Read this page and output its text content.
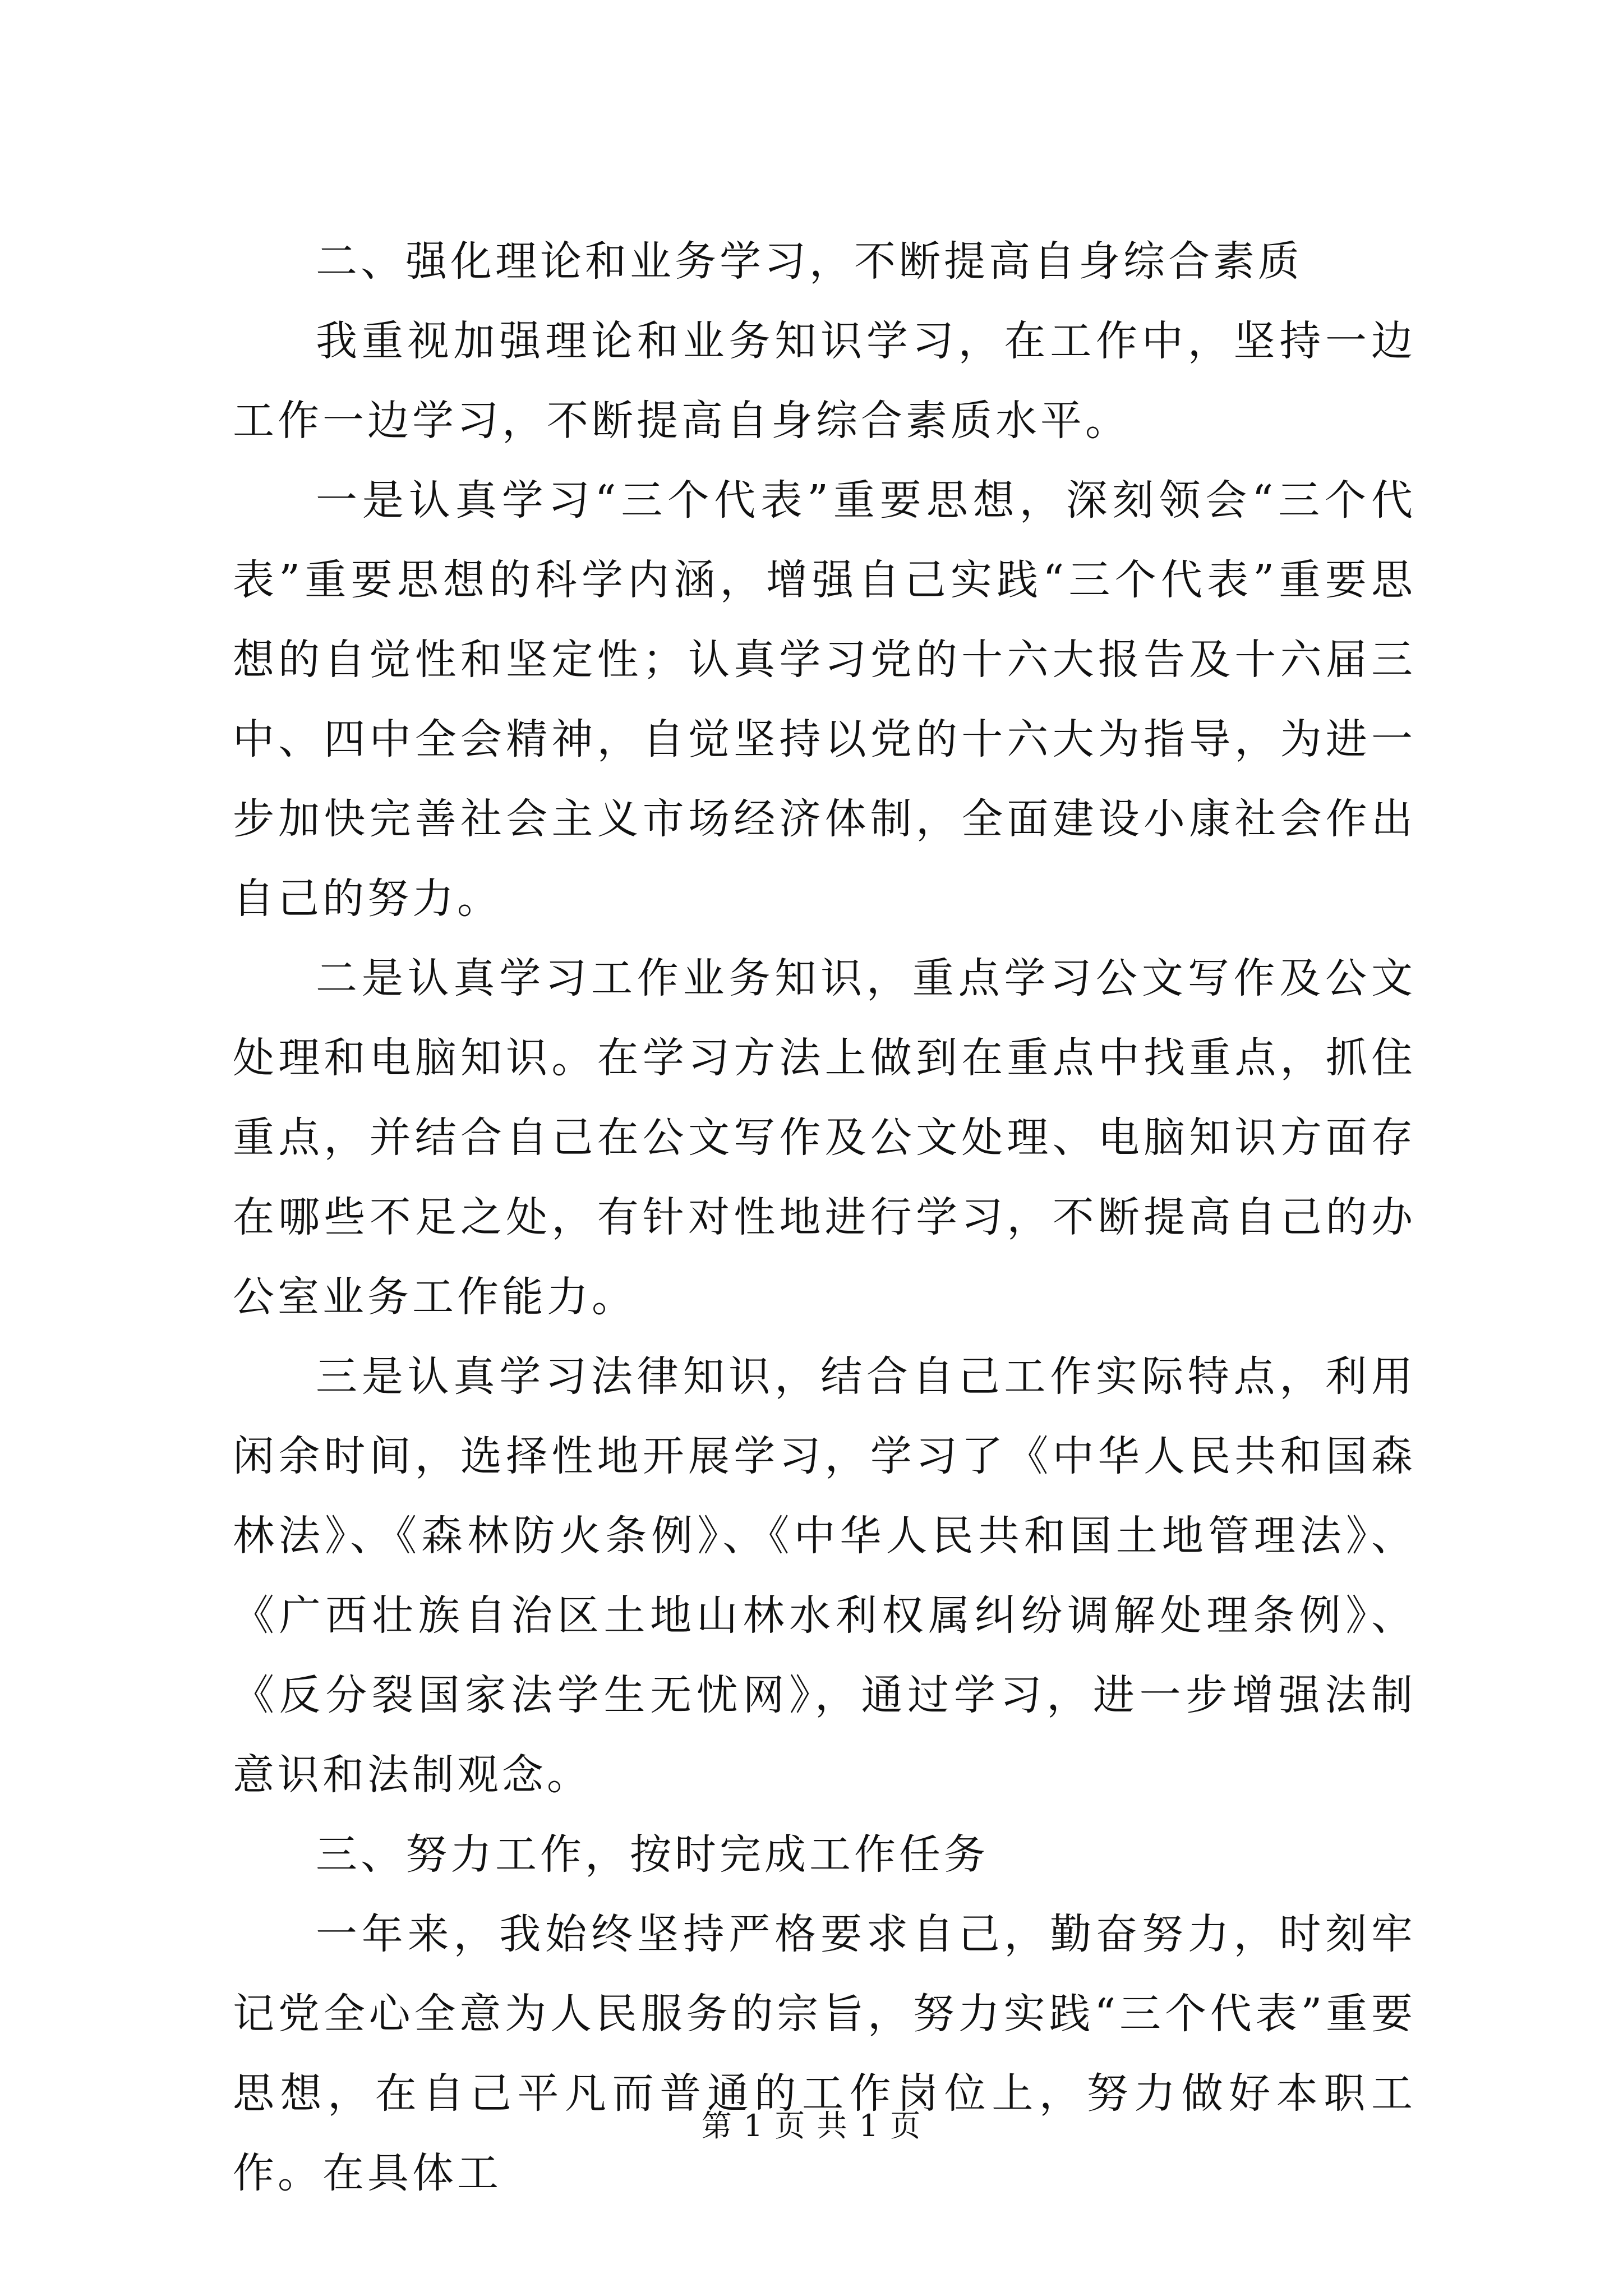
二、强化理论和业务学习，不断提高自身综合素质

我重视加强理论和业务知识学习，在工作中，坚持一边工作一边学习，不断提高自身综合素质水平。

一是认真学习“三个代表”重要思想，深刻领会“三个代表”重要思想的科学内涵，增强自己实践“三个代表”重要思想的自觉性和坚定性；认真学习党的十六大报告及十六届三中、四中全会精神，自觉坚持以党的十六大为指导，为进一步加快完善社会主义市场经济体制，全面建设小康社会作出自己的努力。

二是认真学习工作业务知识，重点学习公文写作及公文处理和电脑知识。在学习方法上做到在重点中找重点，抓住重点，并结合自己在公文写作及公文处理、电脑知识方面存在哪些不足之处，有针对性地进行学习，不断提高自己的办公室业务工作能力。

三是认真学习法律知识，结合自己工作实际特点，利用闲余时间，选择性地开展学习，学习了《中华人民共和国森林法》、《森林防火条例》、《中华人民共和国土地管理法》、《广西壮族自治区土地山林水利权属纠纷调解处理条例》、《反分裂国家法学生无忧网》，通过学习，进一步增强法制意识和法制观念。

三、努力工作，按时完成工作任务

一年来，我始终坚持严格要求自己，勤奋努力，时刻牢记党全心全意为人民服务的宗旨，努力实践“三个代表”重要思想，在自己平凡而普通的工作岗位上，努力做好本职工作。在具体工

第 1 页 共 1 页
